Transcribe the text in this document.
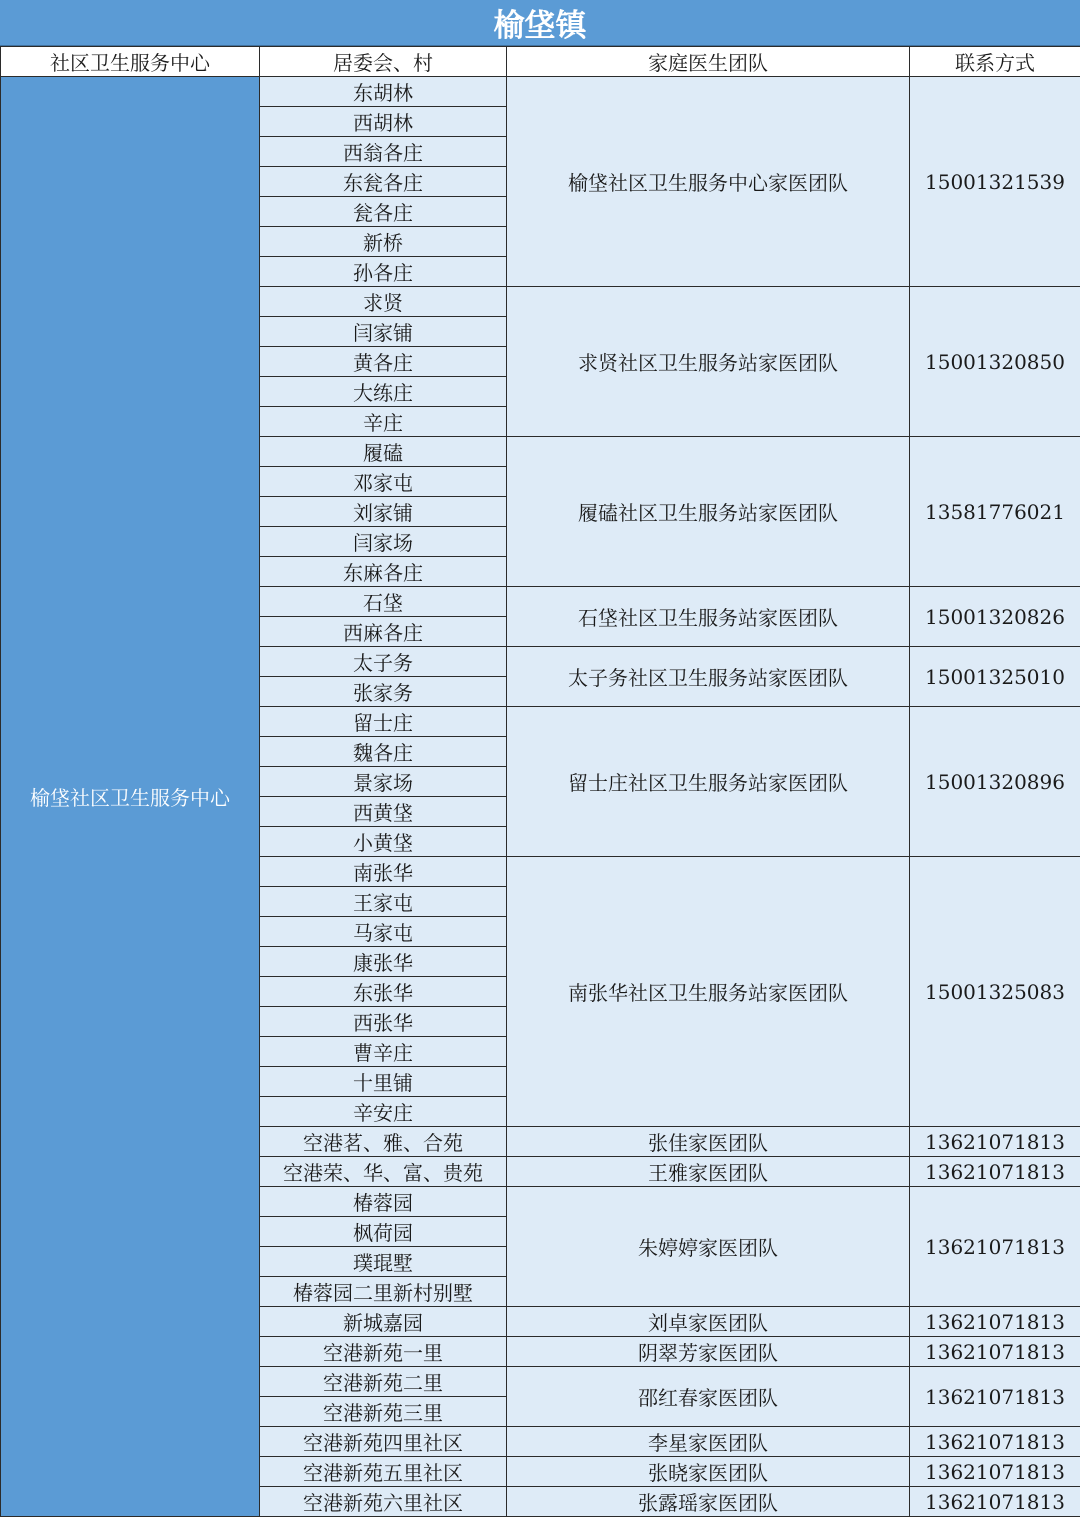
榆垡镇
社区卫生服务中心	居委会、村	家庭医生团队	联系方式
榆垡社区卫生服务中心	东胡林	榆垡社区卫生服务中心家医团队	15001321539
	西胡林		
	西翁各庄		
	东瓮各庄		
	瓮各庄		
	新桥		
	孙各庄		
	求贤	求贤社区卫生服务站家医团队	15001320850
	闫家铺		
	黄各庄		
	大练庄		
	辛庄		
	履磕	履磕社区卫生服务站家医团队	13581776021
	邓家屯		
	刘家铺		
	闫家场		
	东麻各庄		
	石垡	石垡社区卫生服务站家医团队	15001320826
	西麻各庄		
	太子务	太子务社区卫生服务站家医团队	15001325010
	张家务		
	留士庄	留士庄社区卫生服务站家医团队	15001320896
	魏各庄		
	景家场		
	西黄垡		
	小黄垡		
	南张华	南张华社区卫生服务站家医团队	15001325083
	王家屯		
	马家屯		
	康张华		
	东张华		
	西张华		
	曹辛庄		
	十里铺		
	辛安庄		
	空港茗、雅、合苑	张佳家医团队	13621071813
	空港荣、华、富、贵苑	王雅家医团队	13621071813
	椿蓉园	朱婷婷家医团队	13621071813
	枫荷园		
	璞琨墅		
	椿蓉园二里新村别墅		
	新城嘉园	刘卓家医团队	13621071813
	空港新苑一里	阴翠芳家医团队	13621071813
	空港新苑二里	邵红春家医团队	13621071813
	空港新苑三里		
	空港新苑四里社区	李星家医团队	13621071813
	空港新苑五里社区	张晓家医团队	13621071813
	空港新苑六里社区	张露瑶家医团队	13621071813
